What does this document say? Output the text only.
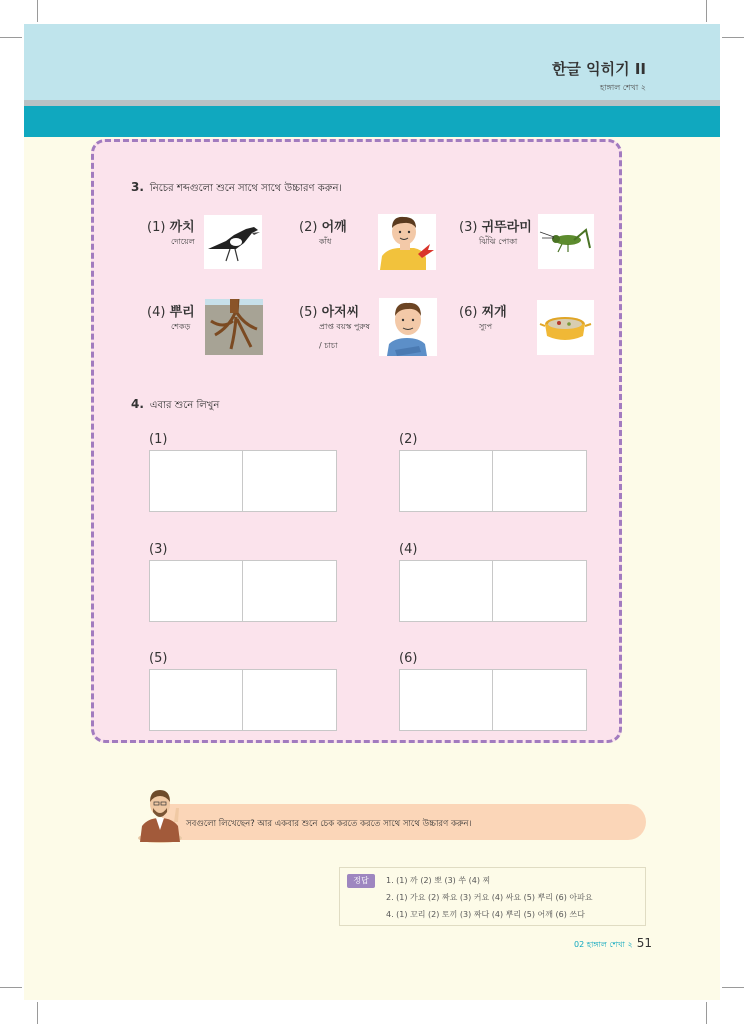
한글 익히기 II
হাঙ্গাল শেখা ২
3. নিচের শব্দগুলো শুনে সাথে সাথে উচ্চারণ করুন।
(1) 까치
দোয়েল
(2) 어깨
কাঁধ
(3) 귀뚜라미
ঝিঁঝি পোকা
(4) 뿌리
শেকড়
(5) 아저씨
প্রাপ্ত বয়স্ক পুরুষ
/ চাচা
(6) 찌개
স্যুপ
4. এবার শুনে লিখুন
(1)	(2)
(3)	(4)
(5)	(6)
সবগুলো লিখেছেন? আর একবার শুনে চেক করতে করতে সাথে সাথে উচ্চারণ করুন।
정답	1. (1) 까 (2) 뽀 (3) 쑤 (4) 찌
2. (1) 가요 (2) 짜요 (3) 커요 (4) 싸요 (5) 뿌리 (6) 아파요
4. (1) 꼬리 (2) 토끼 (3) 짜다 (4) 뿌리 (5) 어깨 (6) 쓰다
02 হাঙ্গাল শেখা ২ 51
